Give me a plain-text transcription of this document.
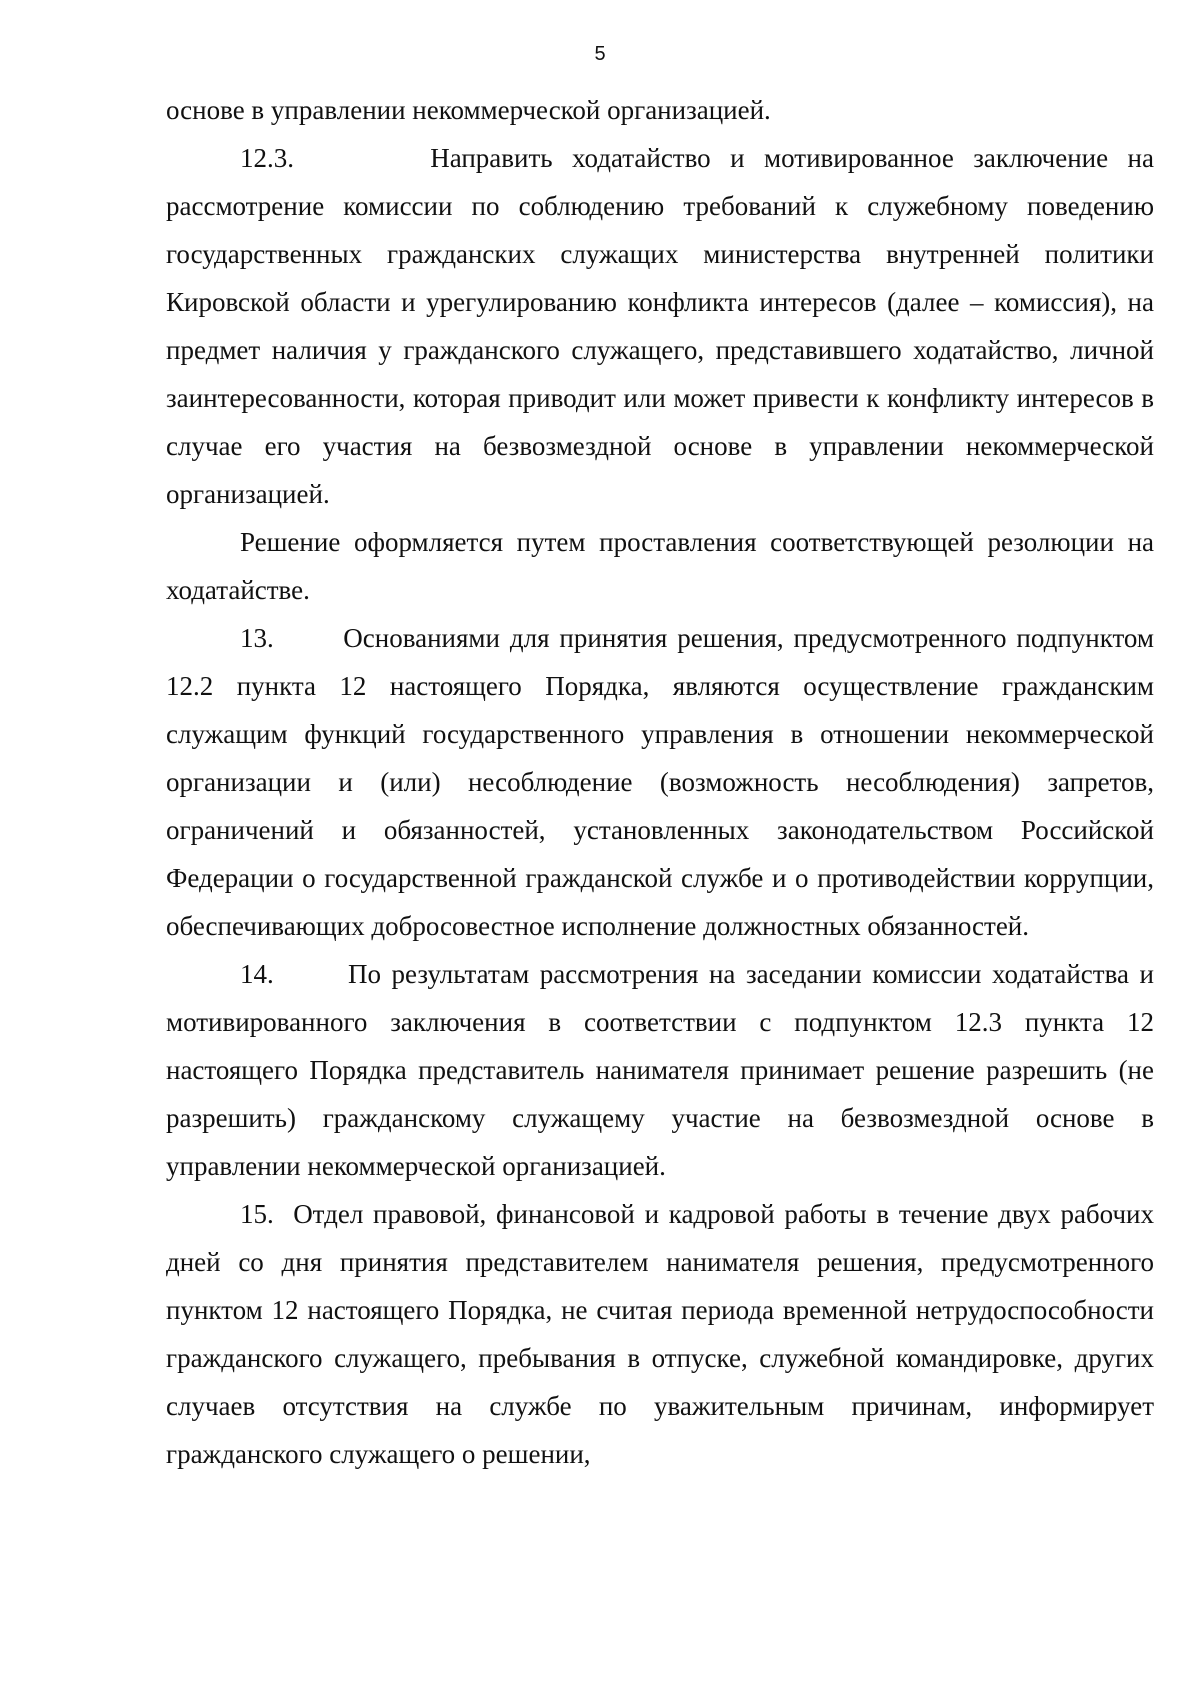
5

основе в управлении некоммерческой организацией.

12.3.       Направить ходатайство и мотивированное заключение на рассмотрение комиссии по соблюдению требований к служебному поведению государственных гражданских служащих министерства внутренней политики Кировской области и урегулированию конфликта интересов (далее – комиссия), на предмет наличия у гражданского служащего, представившего ходатайство, личной заинтересованности, которая приводит или может привести к конфликту интересов в случае его участия на безвозмездной основе в управлении некоммерческой организацией.

Решение оформляется путем проставления соответствующей резолюции на ходатайстве.

13.       Основаниями для принятия решения, предусмотренного подпунктом 12.2 пункта 12 настоящего Порядка, являются осуществление гражданским служащим функций государственного управления в отношении некоммерческой организации и (или) несоблюдение (возможность несоблюдения) запретов, ограничений и обязанностей, установленных законодательством Российской Федерации о государственной гражданской службе и о противодействии коррупции, обеспечивающих добросовестное исполнение должностных обязанностей.

14.       По результатам рассмотрения на заседании комиссии ходатайства и мотивированного заключения в соответствии с подпунктом 12.3 пункта 12 настоящего Порядка представитель нанимателя принимает решение разрешить (не разрешить) гражданскому служащему участие на безвозмездной основе в управлении некоммерческой организацией.

15.  Отдел правовой, финансовой и кадровой работы в течение двух рабочих дней со дня принятия представителем нанимателя решения, предусмотренного пунктом 12 настоящего Порядка, не считая периода временной нетрудоспособности гражданского служащего, пребывания в отпуске, служебной командировке, других случаев отсутствия на службе по уважительным причинам, информирует гражданского служащего о решении,
